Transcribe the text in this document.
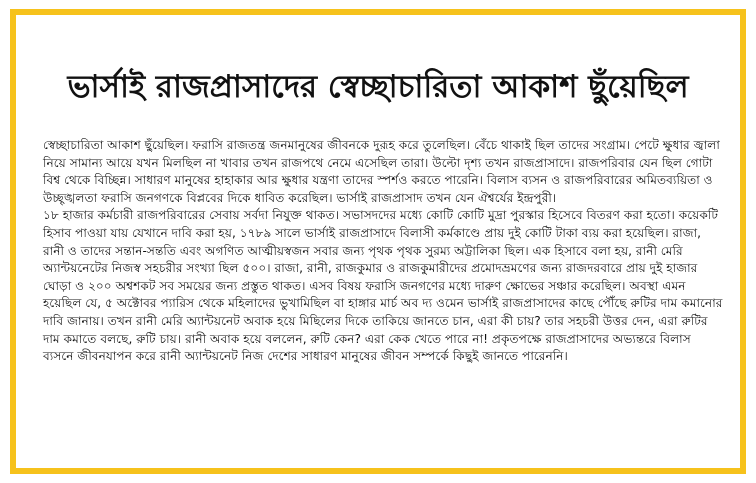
ভার্সাই রাজপ্রাসাদের স্বেচ্ছাচারিতা আকাশ ছুঁয়েছিল
স্বেচ্ছাচারিতা আকাশ ছুঁয়েছিল। ফরাসি রাজতন্ত্র জনমানুষের জীবনকে দুরূহ করে তুলেছিল। বেঁচে থাকাই ছিল তাদের সংগ্রাম। পেটে ক্ষুধার জ্বালা নিয়ে সামান্য আয়ে যখন মিলছিল না খাবার তখন রাজপথে নেমে এসেছিল তারা। উল্টো দৃশ্য তখন রাজপ্রাসাদে। রাজপরিবার যেন ছিল গোটা বিশ্ব থেকে বিচ্ছিন্ন। সাধারণ মানুষের হাহাকার আর ক্ষুধার যন্ত্রণা তাদের স্পর্শও করতে পারেনি। বিলাস ব্যসন ও রাজপরিবারের অমিতব্যয়িতা ও উচ্ছৃঙ্খলতা ফরাসি জনগণকে বিপ্লবের দিকে ধাবিত করেছিল। ভার্সাই রাজপ্রাসাদ তখন যেন ঐশ্বর্যের ইন্দ্রপুরী।
১৮ হাজার কর্মচারী রাজপরিবারের সেবায় সর্বদা নিযুক্ত থাকত। সভাসদদের মধ্যে কোটি কোটি মুদ্রা পুরস্কার হিসেবে বিতরণ করা হতো। কয়েকটি হিসাব পাওয়া যায় যেখানে দাবি করা হয়, ১৭৮৯ সালে ভার্সাই রাজপ্রাসাদে বিলাসী কর্মকাণ্ডে প্রায় দুই কোটি টাকা ব্যয় করা হয়েছিল। রাজা, রানী ও তাদের সন্তান-সন্ততি এবং অগণিত আত্মীয়স্বজন সবার জন্য পৃথক পৃথক সুরম্য অট্টালিকা ছিল। এক হিসাবে বলা হয়, রানী মেরি অ্যান্টয়নেটের নিজস্ব সহচরীর সংখ্যা ছিল ৫০০। রাজা, রানী, রাজকুমার ও রাজকুমারীদের প্রমোদভ্রমণের জন্য রাজদরবারে প্রায় দুই হাজার ঘোড়া ও ২০০ অশ্বশকট সব সময়ের জন্য প্রস্তুত থাকত। এসব বিষয় ফরাসি জনগণের মধ্যে দারুণ ক্ষোভের সঞ্চার করেছিল। অবস্থা এমন হয়েছিল যে, ৫ অক্টোবর প্যারিস থেকে মহিলাদের ভুখামিছিল বা হাঙ্গার মার্চ অব দ্য ওমেন ভার্সাই রাজপ্রাসাদের কাছে পৌঁছে রুটির দাম কমানোর দাবি জানায়। তখন রানী মেরি অ্যান্টয়নেট অবাক হয়ে মিছিলের দিকে তাকিয়ে জানতে চান, এরা কী চায়? তার সহচরী উত্তর দেন, এরা রুটির দাম কমাতে বলছে, রুটি চায়। রানী অবাক হয়ে বললেন, রুটি কেন? এরা কেক খেতে পারে না! প্রকৃতপক্ষে রাজপ্রাসাদের অভ্যন্তরে বিলাস ব্যসনে জীবনযাপন করে রানী অ্যান্টয়নেট নিজ দেশের সাধারণ মানুষের জীবন সম্পর্কে কিছুই জানতে পারেননি।
